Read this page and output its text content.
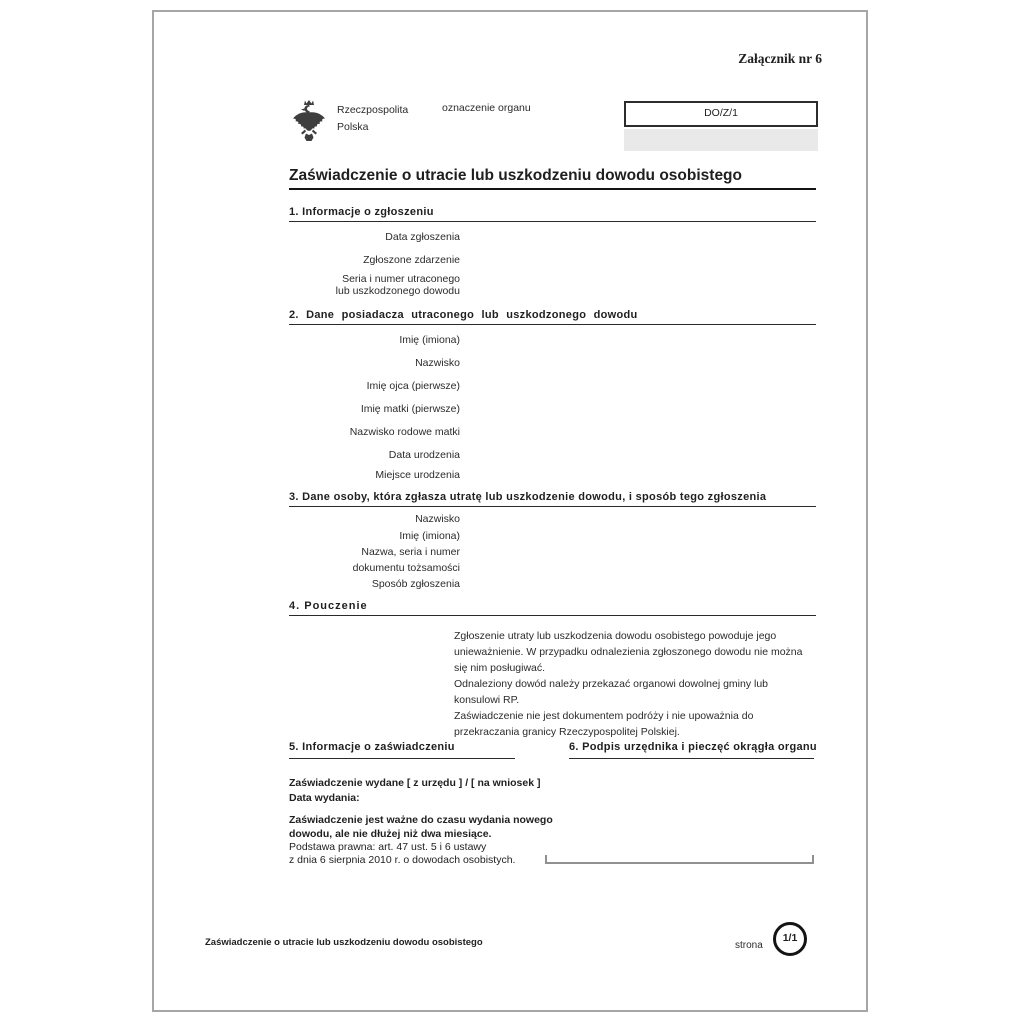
Załącznik nr 6
Rzeczpospolita
Polska
oznaczenie organu	DO/Z/1
Zaświadczenie o utracie lub uszkodzeniu dowodu osobistego
1. Informacje o zgłoszeniu
Data zgłoszenia
Zgłoszone zdarzenie
Seria i numer utraconego
lub uszkodzonego dowodu
2. Dane posiadacza utraconego lub uszkodzonego dowodu
Imię (imiona)
Nazwisko
Imię ojca (pierwsze)
Imię matki (pierwsze)
Nazwisko rodowe matki
Data urodzenia
Miejsce urodzenia
3. Dane osoby, która zgłasza utratę lub uszkodzenie dowodu, i sposób tego zgłoszenia
Nazwisko
Imię (imiona)
Nazwa, seria i numer
dokumentu tożsamości
Sposób zgłoszenia
4. Pouczenie
Zgłoszenie utraty lub uszkodzenia dowodu osobistego powoduje jego
unieważnienie. W przypadku odnalezienia zgłoszonego dowodu nie można
się nim posługiwać.
Odnaleziony dowód należy przekazać organowi dowolnej gminy lub
konsulowi RP.
Zaświadczenie nie jest dokumentem podróży i nie upoważnia do
przekraczania granicy Rzeczypospolitej Polskiej.
5. Informacje o zaświadczeniu
Zaświadczenie wydane [ z urzędu ] / [ na wniosek ]
Data wydania:
Zaświadczenie jest ważne do czasu wydania nowego
dowodu, ale nie dłużej niż dwa miesiące.
Podstawa prawna: art. 47 ust. 5 i 6 ustawy
z dnia 6 sierpnia 2010 r. o dowodach osobistych.
6. Podpis urzędnika i pieczęć okrągła organu
Zaświadczenie o utracie lub uszkodzeniu dowodu osobistego	strona
1/1
